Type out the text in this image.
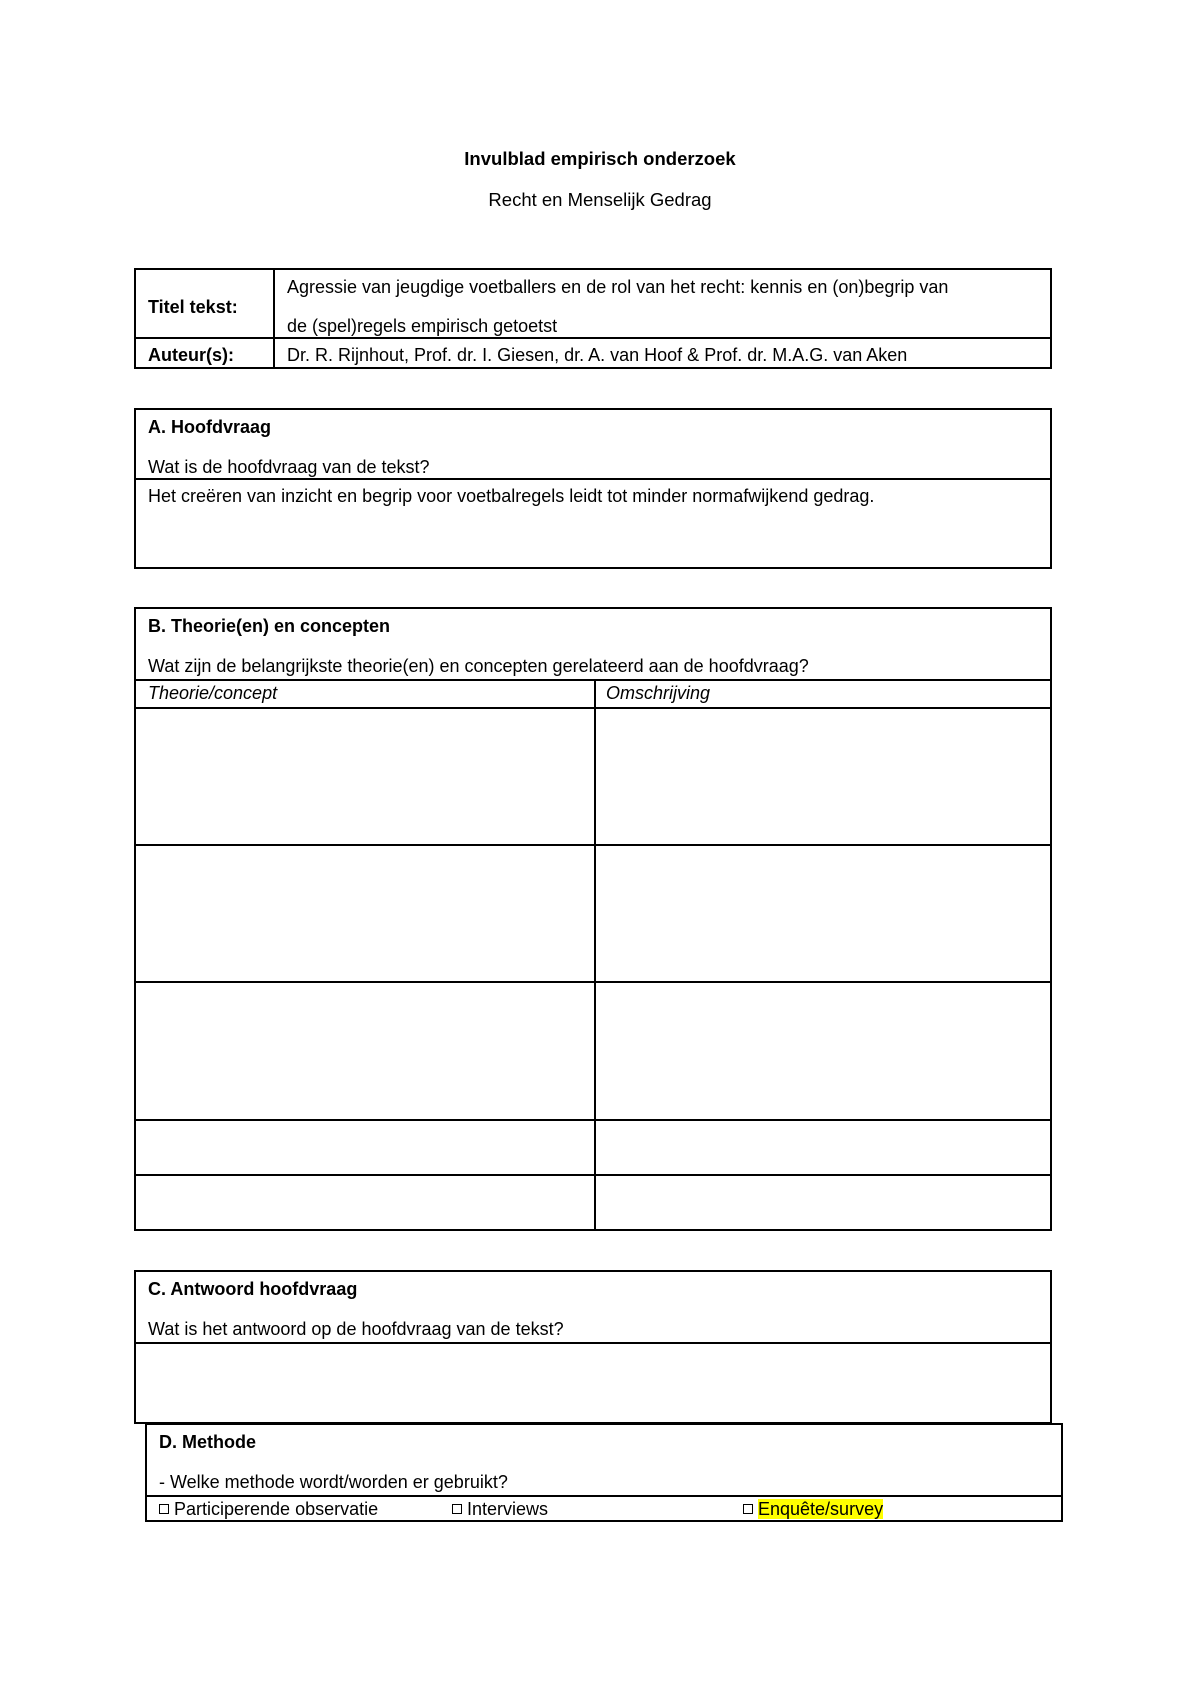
Invulblad empirisch onderzoek
Recht en Menselijk Gedrag
Titel tekst:
Agressie van jeugdige voetballers en de rol van het recht: kennis en (on)begrip van
de (spel)regels empirisch getoetst
Auteur(s):	Dr. R. Rijnhout, Prof. dr. I. Giesen, dr. A. van Hoof & Prof. dr. M.A.G. van Aken
A. Hoofdvraag
Wat is de hoofdvraag van de tekst?
Het creëren van inzicht en begrip voor voetbalregels leidt tot minder normafwijkend gedrag.
B. Theorie(en) en concepten
Wat zijn de belangrijkste theorie(en) en concepten gerelateerd aan de hoofdvraag?
Theorie/concept	Omschrijving
C. Antwoord hoofdvraag
Wat is het antwoord op de hoofdvraag van de tekst?
D. Methode
- Welke methode wordt/worden er gebruikt?
Participerende observatie	Interviews	Enquête/survey
